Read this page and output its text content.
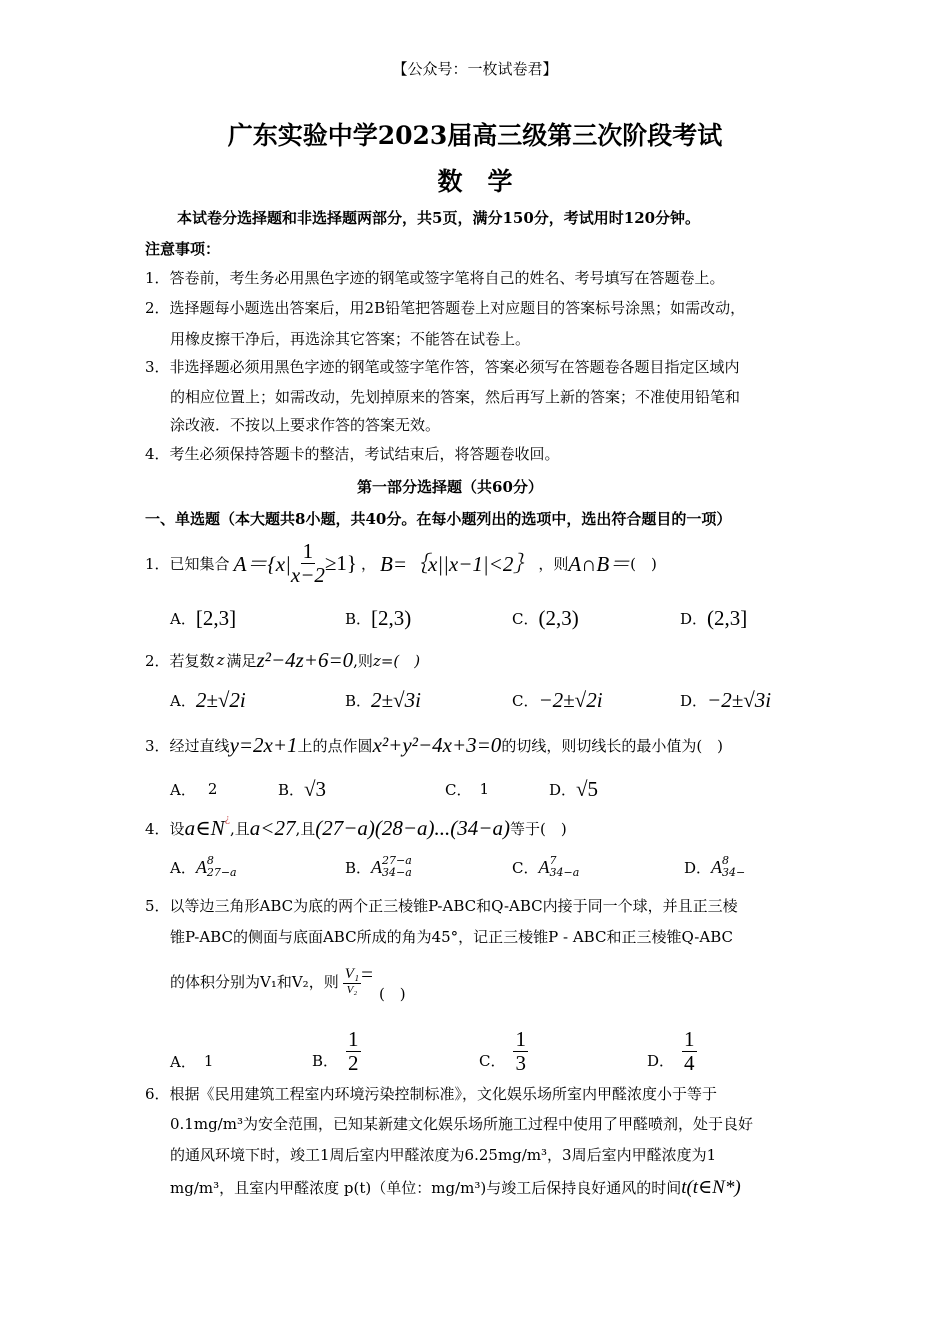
【公众号：一枚试卷君】
广东实验中学2023届高三级第三次阶段考试
数　学
本试卷分选择题和非选择题两部分，共5页，满分150分，考试用时120分钟。
注意事项：
1．答卷前，考生务必用黑色字迹的钢笔或签字笔将自己的姓名、考号填写在答题卷上。
2．选择题每小题选出答案后，用2B铅笔把答题卷上对应题目的答案标号涂黑；如需改动，
用橡皮擦干净后，再选涂其它答案；不能答在试卷上。
3．非选择题必须用黑色字迹的钢笔或签字笔作答，答案必须写在答题卷各题目指定区域内
的相应位置上；如需改动，先划掉原来的答案，然后再写上新的答案；不准使用铅笔和
涂改液．不按以上要求作答的答案无效。
4．考生必须保持答题卡的整洁，考试结束后，将答题卷收回。
第一部分选择题（共60分）
一、单选题（本大题共8小题，共40分。在每小题列出的选项中，选出符合题目的一项）
1． 已知集合 $A=\{x| \frac{1}{x-2} \ge 1\}$ ， B=｛x||x−1|<2｝ ，则 A∩B＝ (　)
A． [2,3]	B． [2,3)	C． (2,3)	D． (2,3]
2． 若复数 z 满足 z²−4z+6=0 ,则 z=(　)
A． 2±√2i	B． 2±√3i	C． −2±√2i	D． −2±√3i
3． 经过直线 y=2x+1 上的点作圆 x²+y²−4x+3=0 的切线，则切线长的最小值为(　)
A． 2	B． √3	C． 1	D． √5
4． 设 a∈N¿ ,且 a<27 ,且 (27−a)(28−a)...(34−a) 等于(　)
A． A 8
27−a	B． A 27−a
34−a	C． A 7
34−a	D． A 8
34−
5．以等边三角形ABC为底的两个正三棱锥P-ABC和Q-ABC内接于同一个球，并且正三棱
锥P-ABC的侧面与底面ABC所成的角为45°，记正三棱锥P - ABC和正三棱锥Q-ABC
的体积分别为V₁和V₂，则 $\frac{\text{V₁}}{\text{V₂}}$ =
(　)
A． 1	B． $\frac{1}{2}$	C． $\frac{1}{3}$	D． $\frac{1}{4}$
6．根据《民用建筑工程室内环境污染控制标准》，文化娱乐场所室内甲醛浓度小于等于
0.1mg/m³为安全范围，已知某新建文化娱乐场所施工过程中使用了甲醛喷剂，处于良好
的通风环境下时，竣工1周后室内甲醛浓度为6.25mg/m³，3周后室内甲醛浓度为1
mg/m³，且室内甲醛浓度 p(t)（单位：mg/m³)与竣工后保持良好通风的时间 t(t∈N*)
